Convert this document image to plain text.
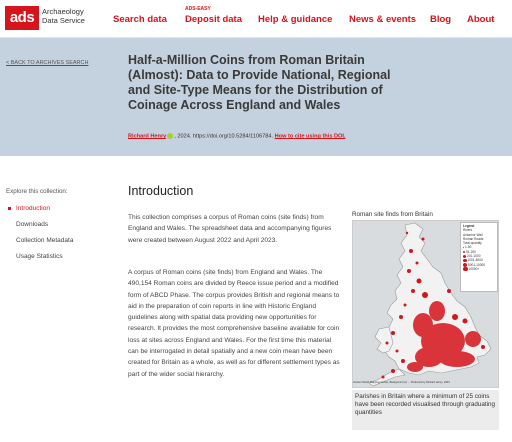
ads	Archaeology
Data Service	Search data
ADS-EASY
Deposit data Help & guidance News & events Blog About
< BACK TO ARCHIVES SEARCH	Half-a-Million Coins from Roman Britain (Almost): Data to Provide National, Regional and Site-Type Means for the Distribution of Coinage Across England and Wales
Richard Henry , 2024. https://doi.org/10.5284/1106784. How to cite using this DOI.
Explore this collection:
Introduction
Downloads
Collection Metadata
Usage Statistics
Introduction
This collection comprises a corpus of Roman coins (site finds) from England and Wales. The spreadsheet data and accompanying figures were created between August 2022 and April 2023.
A corpus of Roman coins (site finds) from England and Wales. The 490,154 Roman coins are divided by Reece issue period and a modified form of ABCD Phase. The corpus provides British and regional means to aid in the preparation of coin reports in line with Historic England guidelines along with spatial data providing new opportunities for research. It provides the most comprehensive baseline available for coin loss at sites across England and Wales. For the first time this material can be interrogated in detail spatially and a new coin mean have been created for Britain as a whole, as well as for different settlement types as part of the wider social hierarchy.
Roman site finds from Britain
Legend
Rivers
Antonine Wall
Roman Roads
Total quantity
1-50
51-200
201-1000
1001-5000
5001-10000
10000+
Ancient World Mapping Center, Background (c) ... Produced by Richard Henry, 2023
Parishes in Britain where a minimum of 25 coins have been recorded visualised through graduating quantities
